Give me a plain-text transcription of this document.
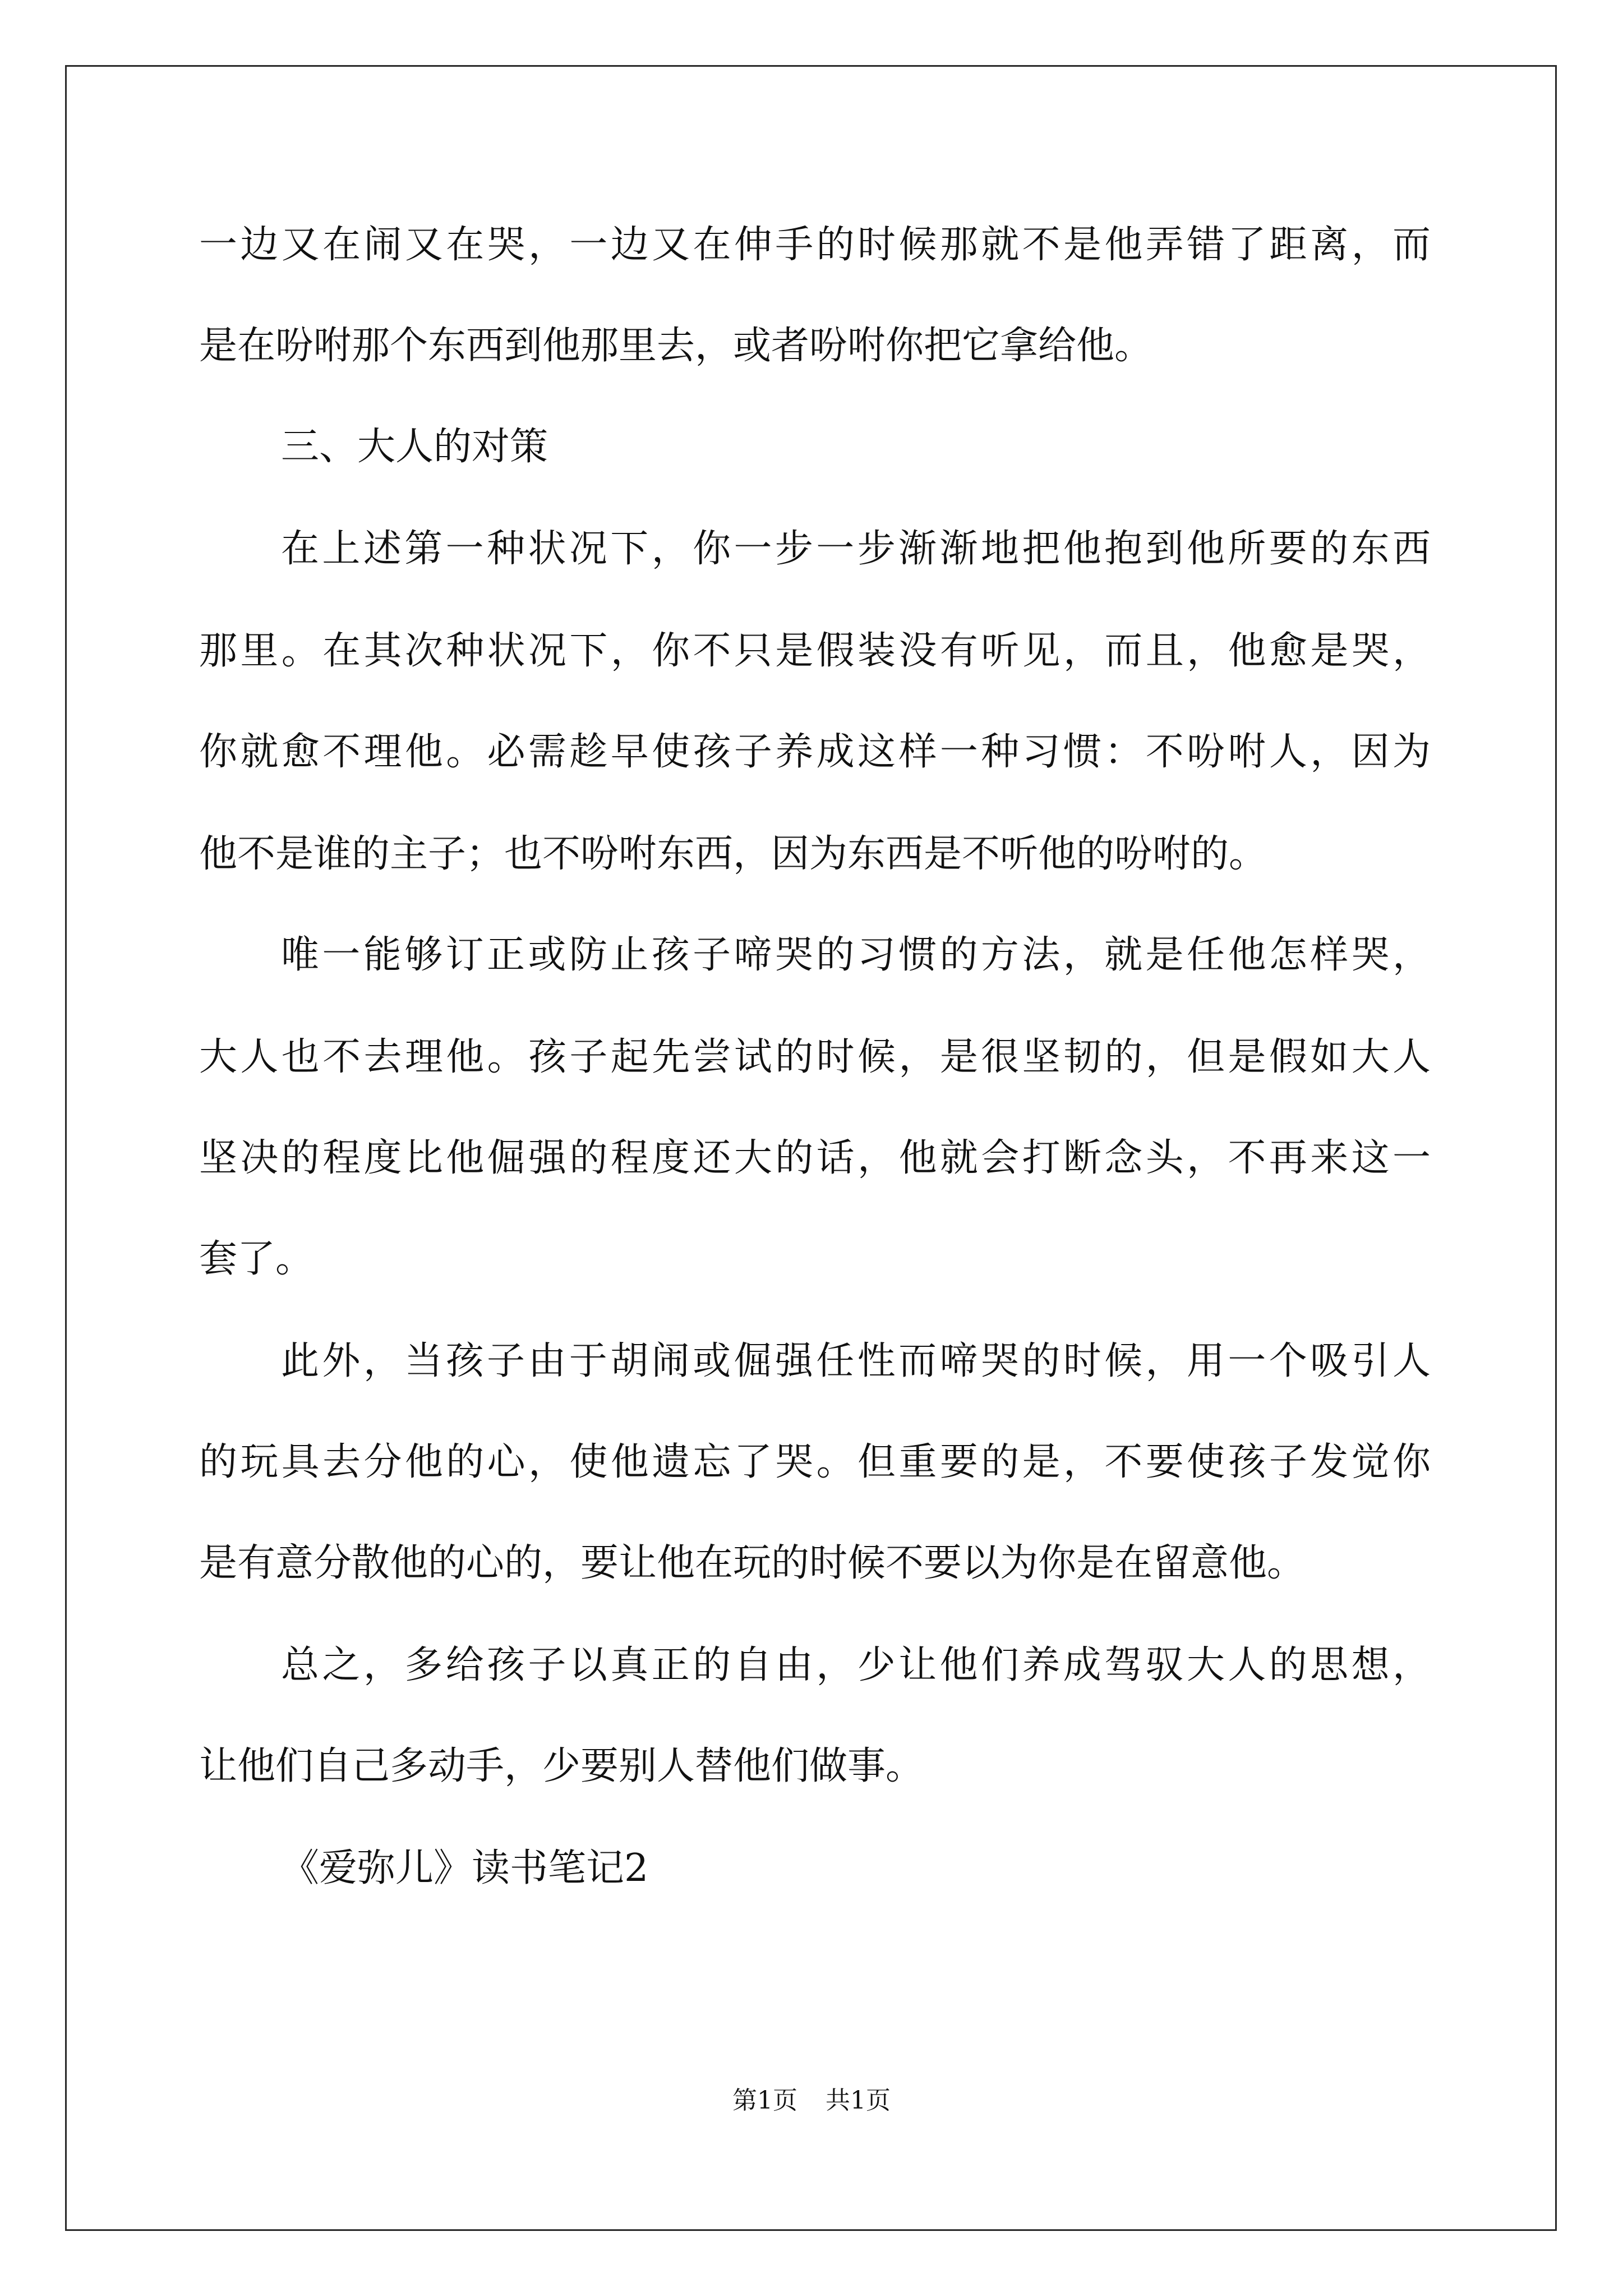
一边又在闹又在哭，一边又在伸手的时候那就不是他弄错了距离，而
是在吩咐那个东西到他那里去，或者吩咐你把它拿给他。
三、大人的对策
在上述第一种状况下，你一步一步渐渐地把他抱到他所要的东西
那里。在其次种状况下，你不只是假装没有听见，而且，他愈是哭，
你就愈不理他。必需趁早使孩子养成这样一种习惯：不吩咐人，因为
他不是谁的主子；也不吩咐东西，因为东西是不听他的吩咐的。
唯一能够订正或防止孩子啼哭的习惯的方法，就是任他怎样哭，
大人也不去理他。孩子起先尝试的时候，是很坚韧的，但是假如大人
坚决的程度比他倔强的程度还大的话，他就会打断念头，不再来这一
套了。
此外，当孩子由于胡闹或倔强任性而啼哭的时候，用一个吸引人
的玩具去分他的心，使他遗忘了哭。但重要的是，不要使孩子发觉你
是有意分散他的心的，要让他在玩的时候不要以为你是在留意他。
总之，多给孩子以真正的自由，少让他们养成驾驭大人的思想，
让他们自己多动手，少要别人替他们做事。
《爱弥儿》读书笔记2
第1页 共1页
